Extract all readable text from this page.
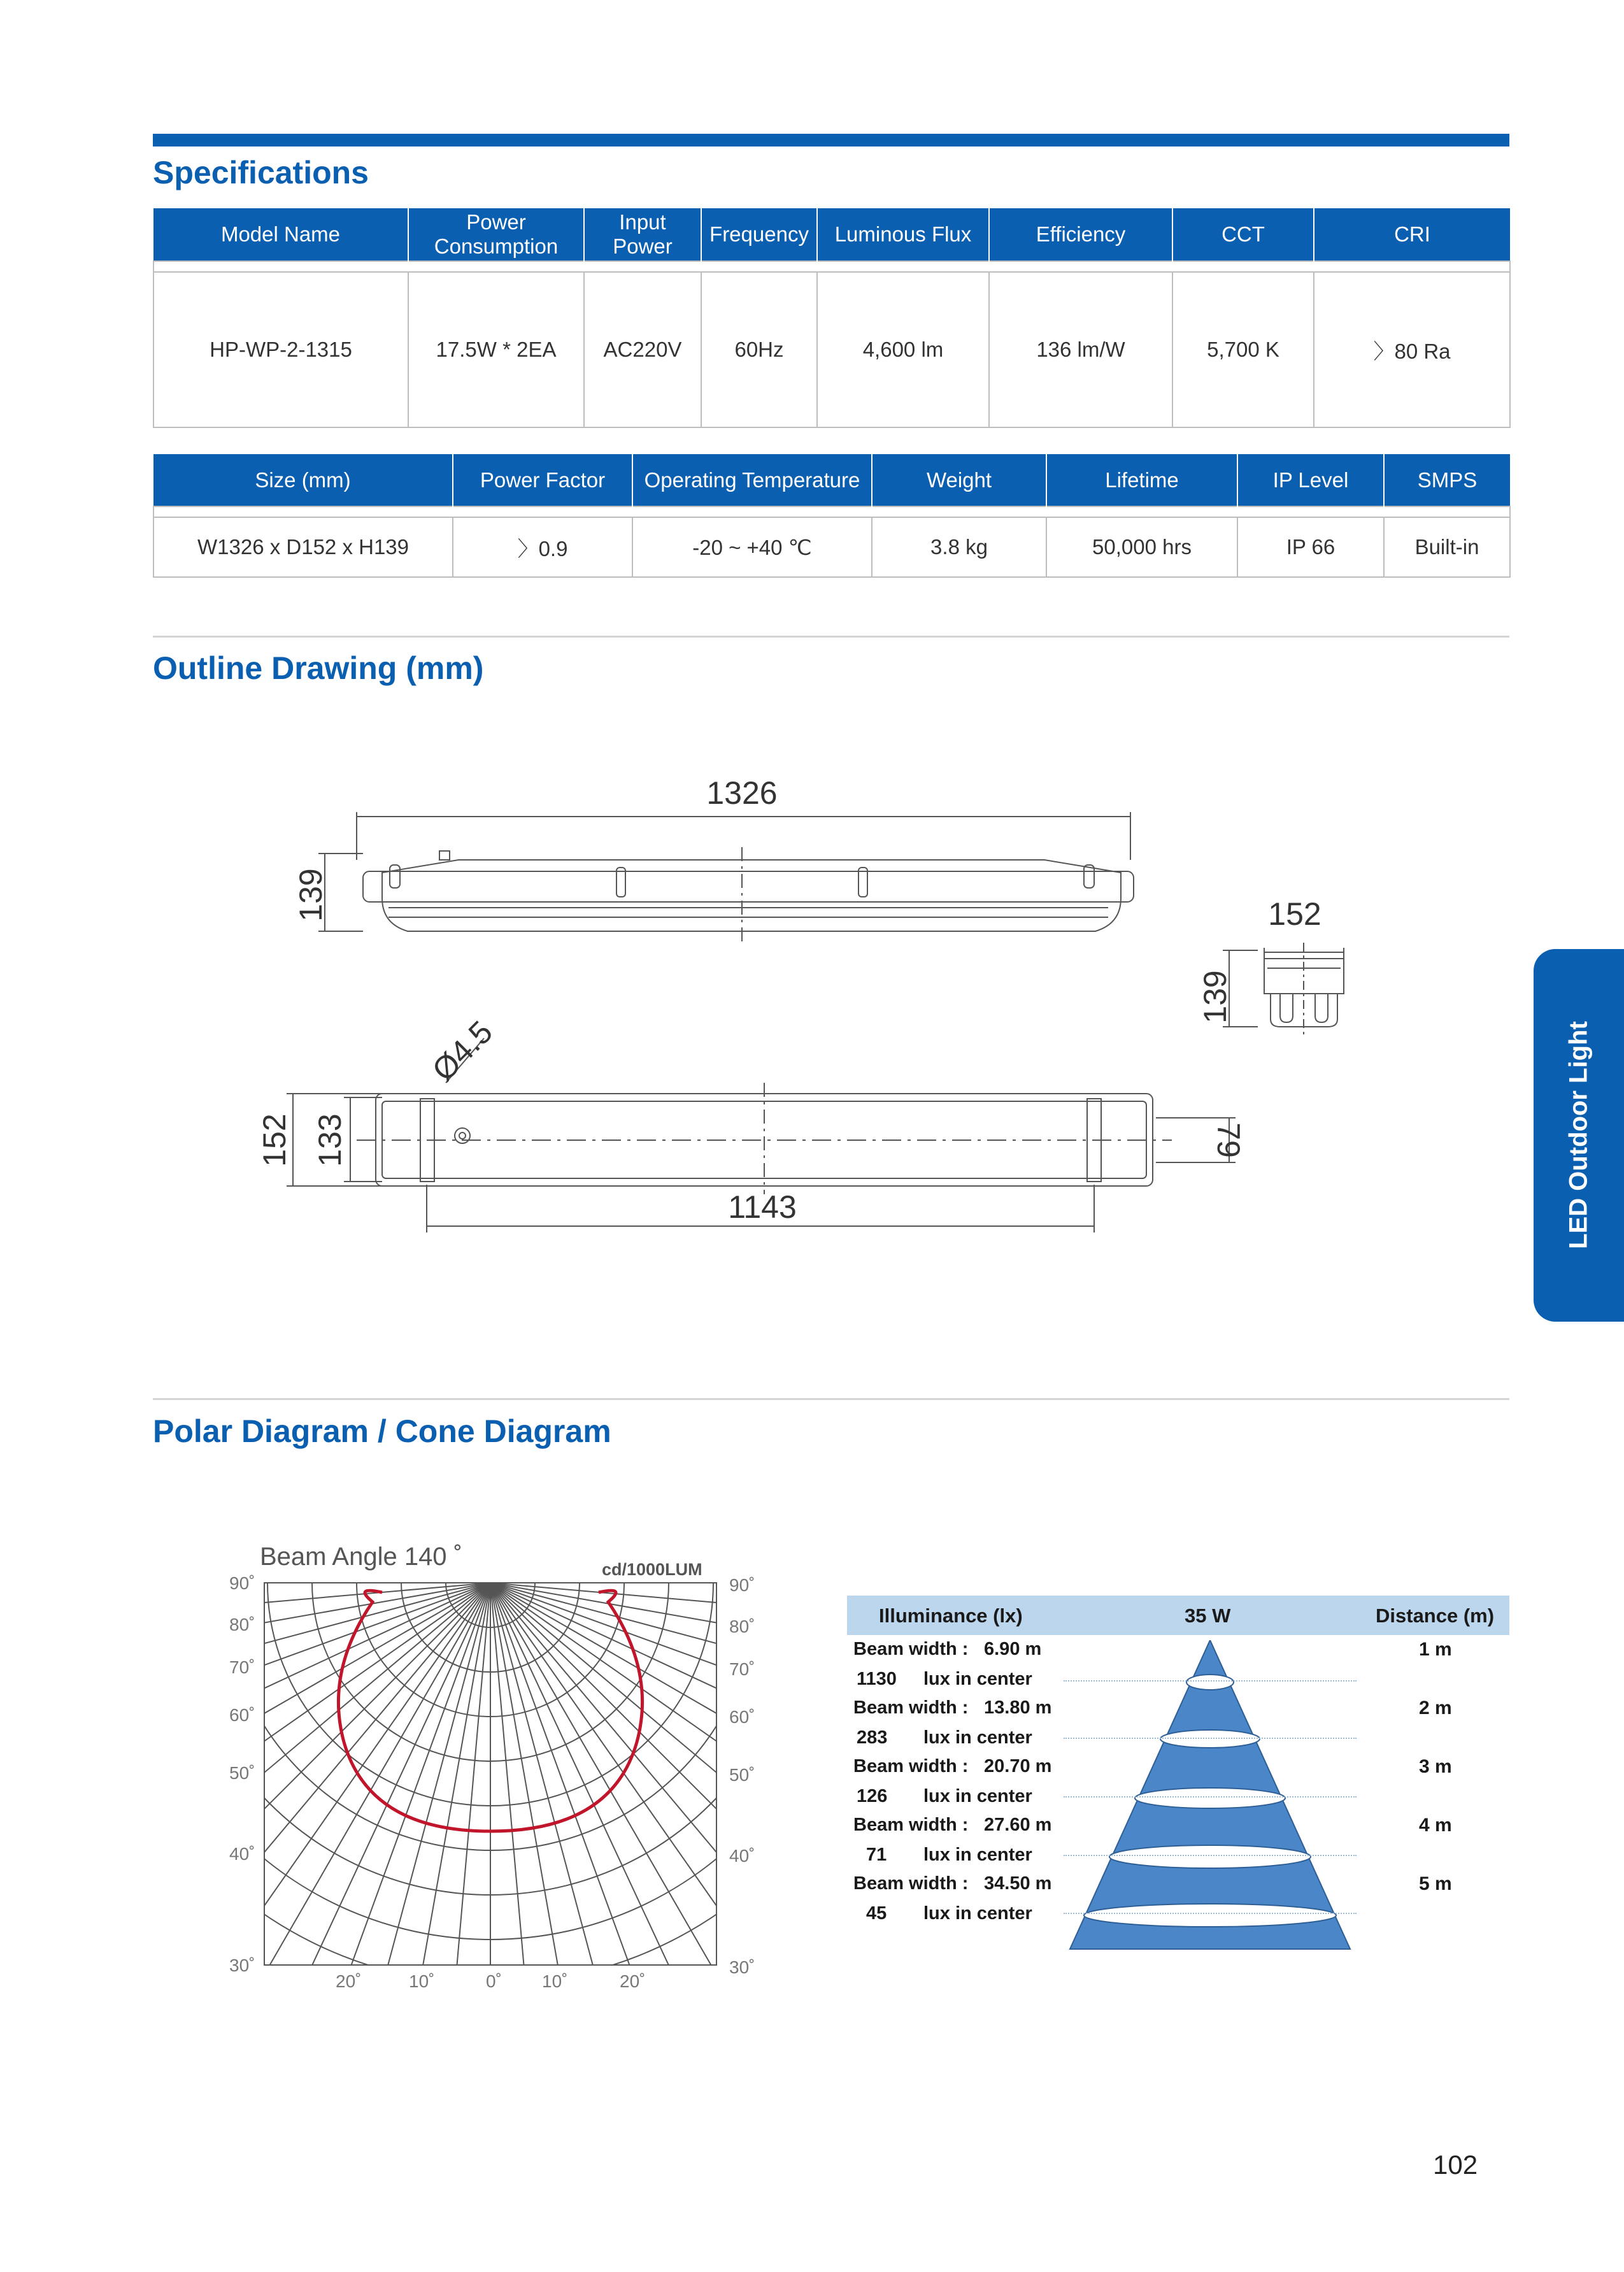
Specifications
Model Name	Power Consumption	Input Power	Frequency	Luminous Flux	Efficiency	CCT	CRI

HP-WP-2-1315	17.5W * 2EA	AC220V	60Hz	4,600 lm	136 lm/W	5,700 K	〉80 Ra
Size (mm)	Power Factor	Operating Temperature	Weight	Lifetime	IP Level	SMPS

W1326 x D152 x H139	〉0.9	-20 ~ +40 ℃	3.8 kg	50,000 hrs	IP 66	Built-in
Outline Drawing (mm)
1326
139	152
139
Ø4.5
152 133
1143
79
Polar Diagram / Cone Diagram
Beam Angle 140 ˚	cd/1000LUM
90˚
80˚
70˚
60˚
50˚
40˚
30˚
90˚
80˚
70˚
60˚
50˚
40˚
30˚
20˚	10˚	0˚ 10˚	20˚
Illuminance (lx)	35 W	Distance (m)
Beam width : 6.90 m
1130 lux in center
1 m
Beam width : 13.80 m
283 lux in center
2 m
Beam width : 20.70 m
126 lux in center
3 m
Beam width : 27.60 m
71 lux in center
4 m
Beam width : 34.50 m
45 lux in center
5 m
LED Outdoor Light
102
